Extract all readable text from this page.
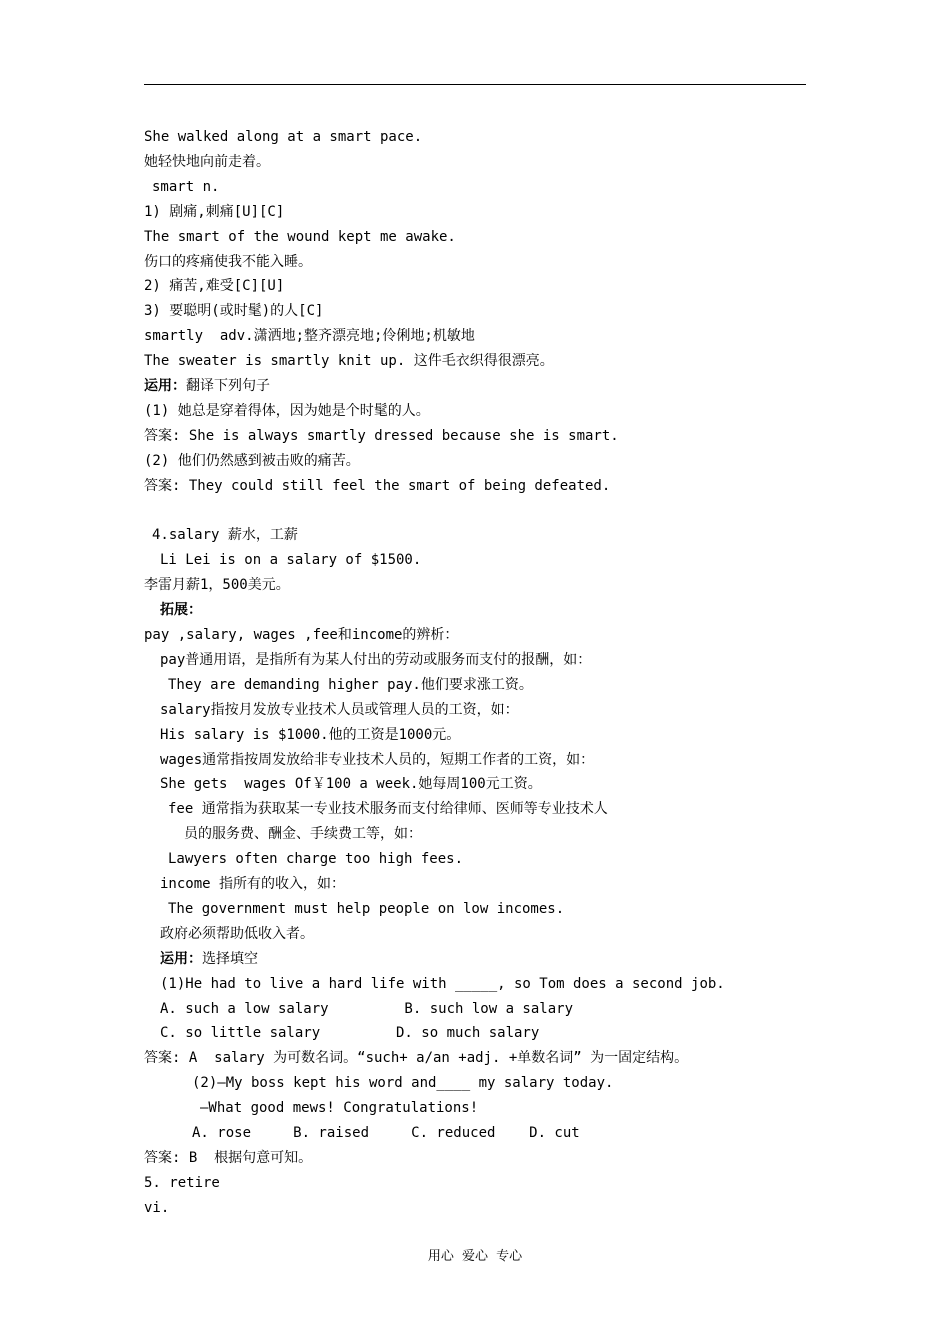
She walked along at a smart pace.
她轻快地向前走着。
smart n.
1) 剧痛,刺痛[U][C]
The smart of the wound kept me awake.
伤口的疼痛使我不能入睡。
2) 痛苦,难受[C][U]
3) 要聪明(或时髦)的人[C]
smartly  adv.潇洒地;整齐漂亮地;伶俐地;机敏地
The sweater is smartly knit up. 这件毛衣织得很漂亮。
运用：翻译下列句子
(1) 她总是穿着得体，因为她是个时髦的人。
答案: She is always smartly dressed because she is smart.
(2) 他们仍然感到被击败的痛苦。
答案: They could still feel the smart of being defeated.
4.salary 薪水，工薪
Li Lei is on a salary of $1500.
李雷月薪1，500美元。
拓展：
pay ,salary, wages ,fee和income的辨析：
pay普通用语，是指所有为某人付出的劳动或服务而支付的报酬，如：
They are demanding higher pay.他们要求涨工资。
salary指按月发放专业技术人员或管理人员的工资，如：
His salary is $1000.他的工资是1000元。
wages通常指按周发放给非专业技术人员的，短期工作者的工资，如：
She gets  wages Of￥100 a week.她每周100元工资。
fee 通常指为获取某一专业技术服务而支付给律师、医师等专业技术人
员的服务费、酬金、手续费工等，如：
Lawyers often charge too high fees.
income 指所有的收入，如：
The government must help people on low incomes.
政府必须帮助低收入者。
运用：选择填空
(1)He had to live a hard life with _____, so Tom does a second job.
A. such a low salary         B. such low a salary
C. so little salary         D. so much salary
答案: A  salary 为可数名词。“such+ a/an +adj. +单数名词” 为一固定结构。
(2)—My boss kept his word and____ my salary today.
—What good mews! Congratulations!
A. rose     B. raised     C. reduced    D. cut
答案: B  根据句意可知。
5. retire
vi.
用心 爱心 专心
